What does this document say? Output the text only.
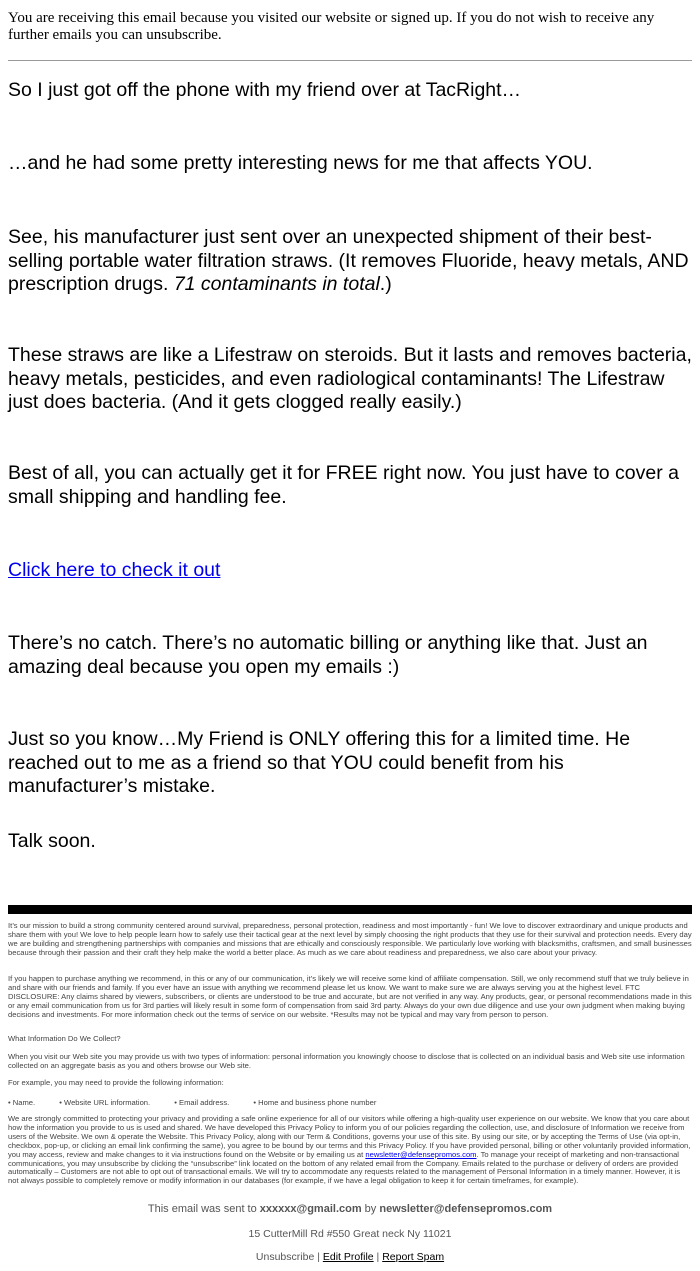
You are receiving this email because you visited our website or signed up. If you do not wish to receive any further emails you can unsubscribe.

So I just got off the phone with my friend over at TacRight…

…and he had some pretty interesting news for me that affects YOU.

See, his manufacturer just sent over an unexpected shipment of their best-selling portable water filtration straws. (It removes Fluoride, heavy metals, AND prescription drugs. 71 contaminants in total.)

These straws are like a Lifestraw on steroids. But it lasts and removes bacteria, heavy metals, pesticides, and even radiological contaminants! The Lifestraw just does bacteria. (And it gets clogged really easily.)

Best of all, you can actually get it for FREE right now. You just have to cover a small shipping and handling fee.

Click here to check it out

There’s no catch. There’s no automatic billing or anything like that. Just an amazing deal because you open my emails :)

Just so you know…My Friend is ONLY offering this for a limited time. He reached out to me as a friend so that YOU could benefit from his manufacturer’s mistake.

Talk soon.

It’s our mission to build a strong community centered around survival, preparedness, personal protection, readiness and most importantly - fun! We love to discover extraordinary and unique products and share them with you! We love to help people learn how to safely use their tactical gear at the next level by simply choosing the right products that they use for their survival and protection needs. Every day we are building and strengthening partnerships with companies and missions that are ethically and consciously responsible. We particularly love working with blacksmiths, craftsmen, and small businesses because through their passion and their craft they help make the world a better place. As much as we care about readiness and preparedness, we also care about your privacy.

If you happen to purchase anything we recommend, in this or any of our communication, it’s likely we will receive some kind of affiliate compensation. Still, we only recommend stuff that we truly believe in and share with our friends and family. If you ever have an issue with anything we recommend please let us know. We want to make sure we are always serving you at the highest level. FTC DISCLOSURE: Any claims shared by viewers, subscribers, or clients are understood to be true and accurate, but are not verified in any way. Any products, gear, or personal recommendations made in this or any email communication from us for 3rd parties will likely result in some form of compensation from said 3rd party. Always do your own due diligence and use your own judgment when making buying decisions and investments. For more information check out the terms of service on our website. *Results may not be typical and may vary from person to person.

What Information Do We Collect?

When you visit our Web site you may provide us with two types of information: personal information you knowingly choose to disclose that is collected on an individual basis and Web site use information collected on an aggregate basis as you and others browse our Web site.

For example, you may need to provide the following information:

• Name.	• Website URL information.	• Email address.	• Home and business phone number

We are strongly committed to protecting your privacy and providing a safe online experience for all of our visitors while offering a high-quality user experience on our website. We know that you care about how the information you provide to us is used and shared. We have developed this Privacy Policy to inform you of our policies regarding the collection, use, and disclosure of Information we receive from users of the Website. We own & operate the Website. This Privacy Policy, along with our Term & Conditions, governs your use of this site. By using our site, or by accepting the Terms of Use (via opt-in, checkbox, pop-up, or clicking an email link confirming the same), you agree to be bound by our terms and this Privacy Policy. If you have provided personal, billing or other voluntarily provided information, you may access, review and make changes to it via instructions found on the Website or by emailing us at newsletter@defensepromos.com. To manage your receipt of marketing and non-transactional communications, you may unsubscribe by clicking the “unsubscribe” link located on the bottom of any related email from the Company. Emails related to the purchase or delivery of orders are provided automatically – Customers are not able to opt out of transactional emails. We will try to accommodate any requests related to the management of Personal Information in a timely manner. However, it is not always possible to completely remove or modify information in our databases (for example, if we have a legal obligation to keep it for certain timeframes, for example).

This email was sent to xxxxxx@gmail.com by newsletter@defensepromos.com
15 CutterMill Rd #550 Great neck Ny 11021
Unsubscribe | Edit Profile | Report Spam
